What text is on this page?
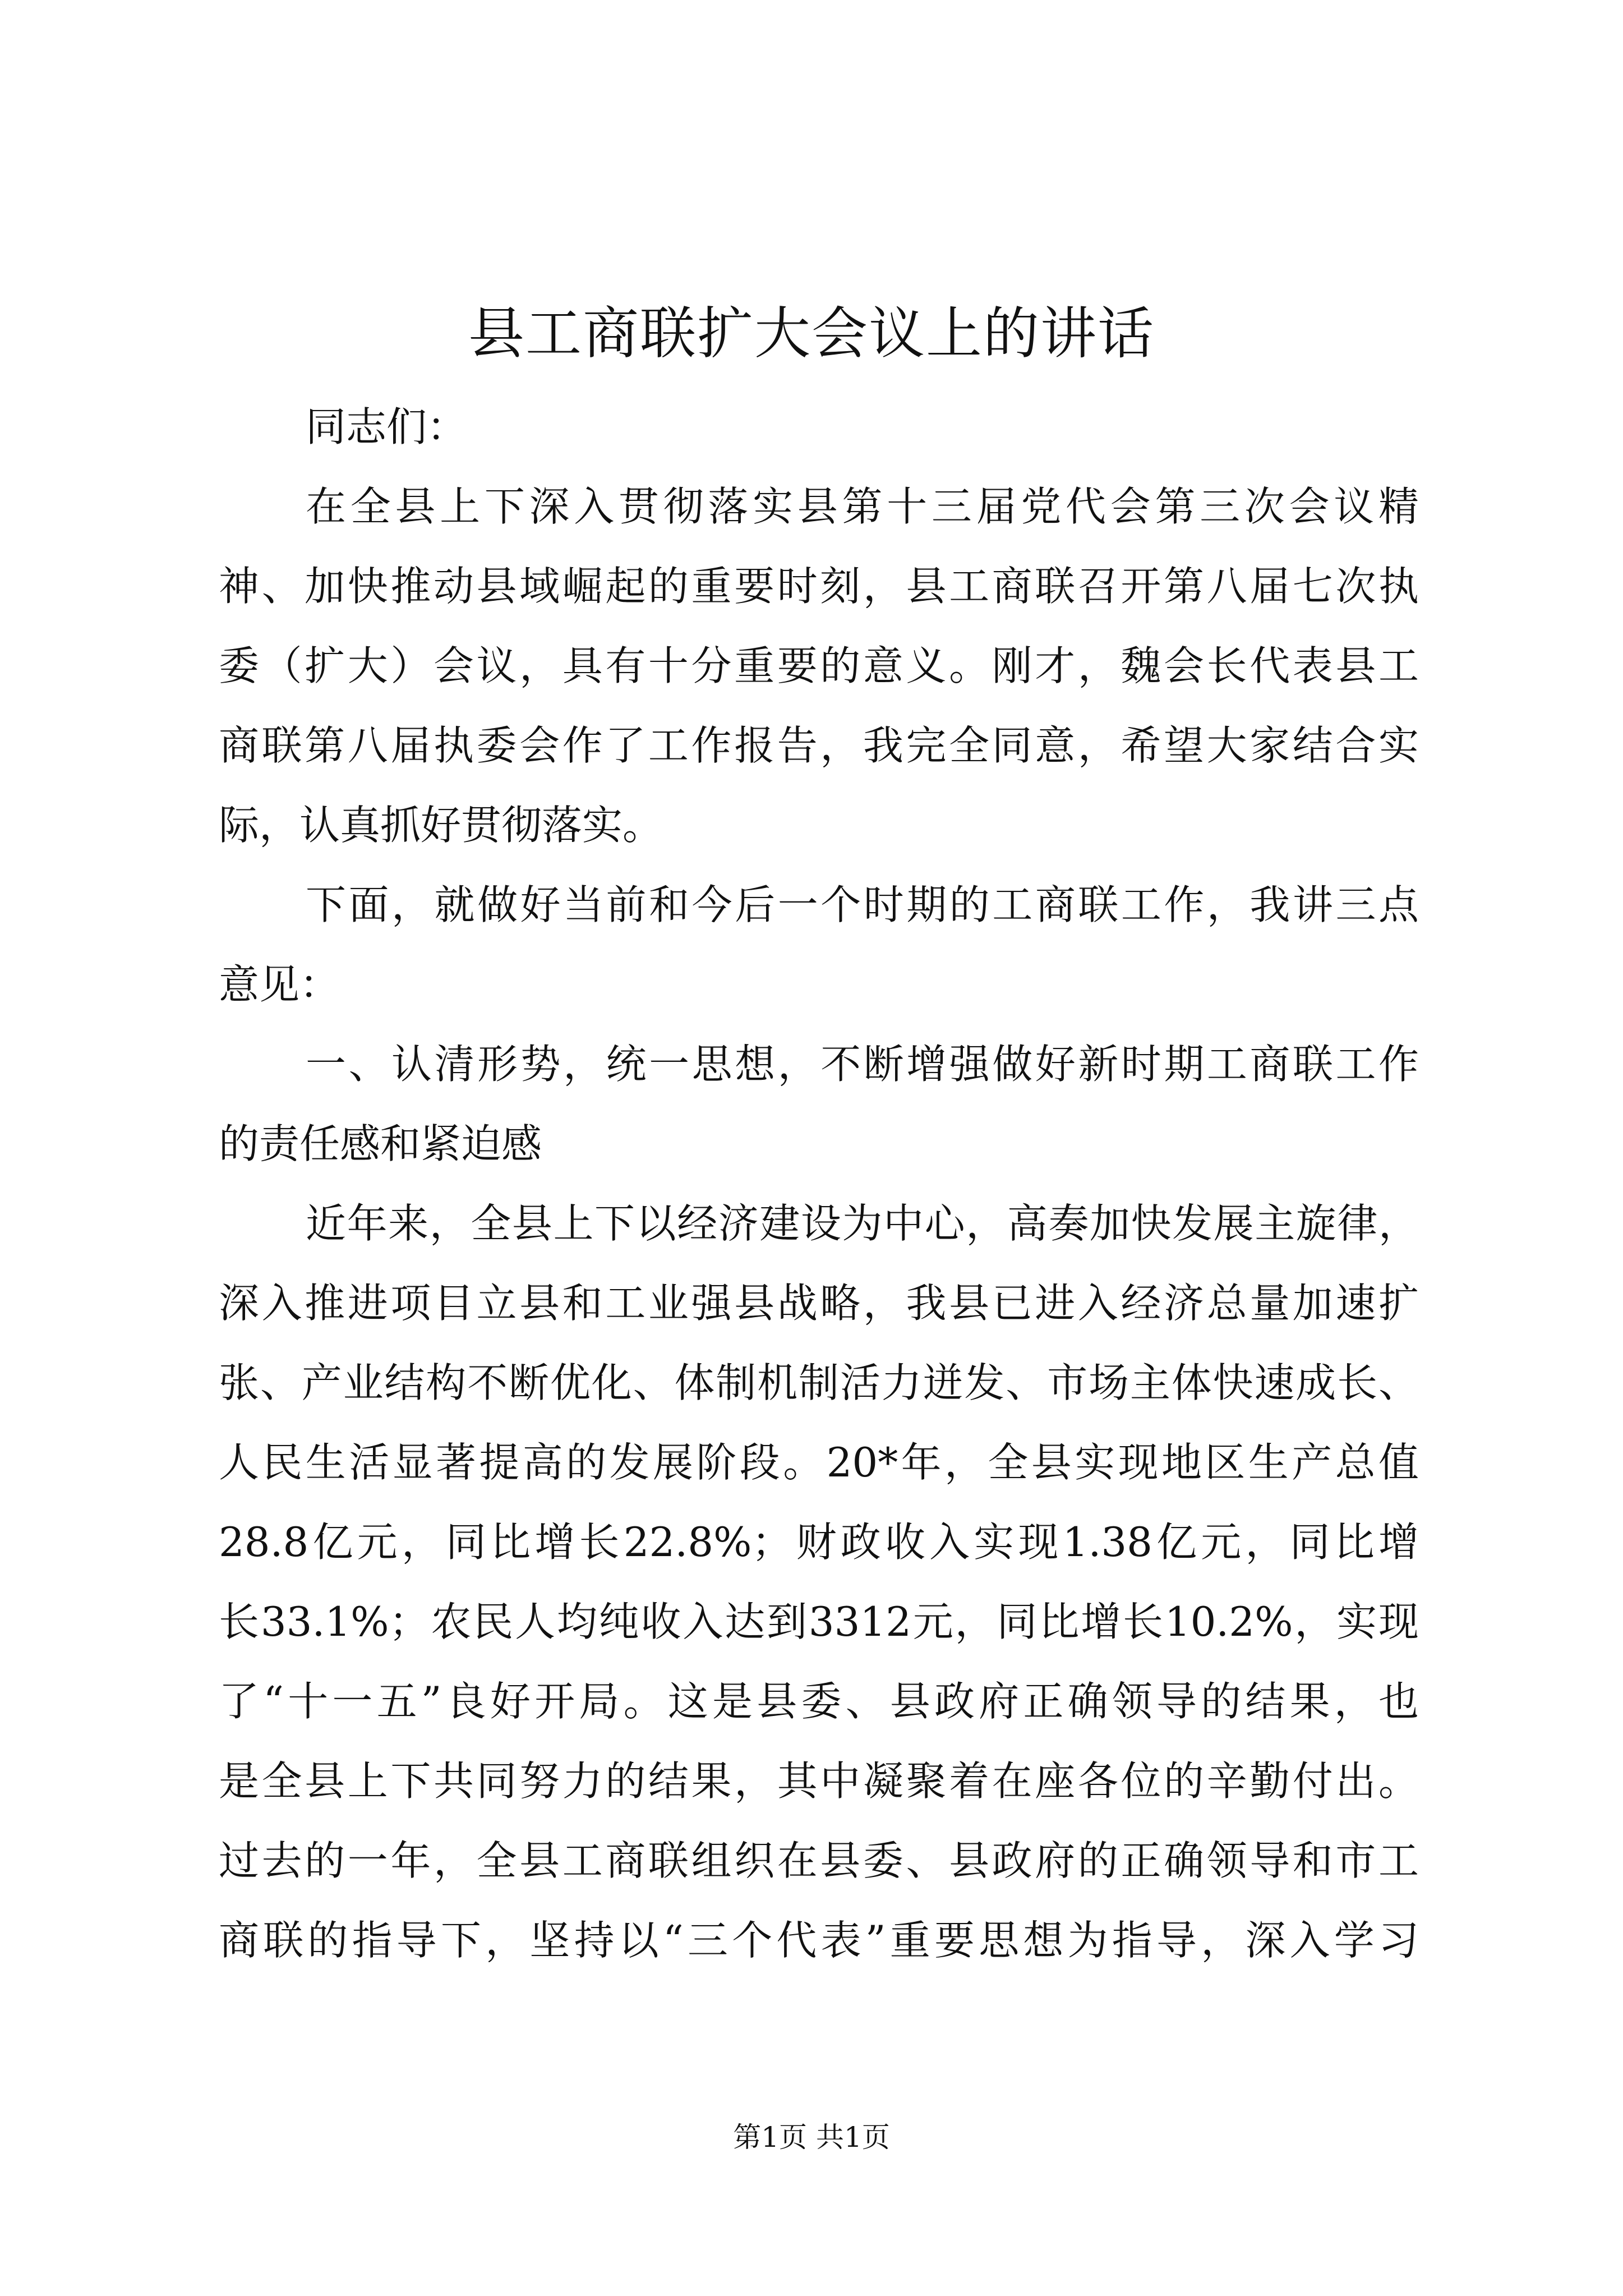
县工商联扩大会议上的讲话
同志们：
在全县上下深入贯彻落实县第十三届党代会第三次会议精
神、加快推动县域崛起的重要时刻，县工商联召开第八届七次执
委（扩大）会议，具有十分重要的意义。刚才，魏会长代表县工
商联第八届执委会作了工作报告，我完全同意，希望大家结合实
际，认真抓好贯彻落实。
下面，就做好当前和今后一个时期的工商联工作，我讲三点
意见：
一、认清形势，统一思想，不断增强做好新时期工商联工作
的责任感和紧迫感
近年来，全县上下以经济建设为中心，高奏加快发展主旋律，
深入推进项目立县和工业强县战略，我县已进入经济总量加速扩
张、产业结构不断优化、体制机制活力迸发、市场主体快速成长、
人民生活显著提高的发展阶段。20*年，全县实现地区生产总值
28.8亿元，同比增长22.8%；财政收入实现1.38亿元，同比增
长33.1%；农民人均纯收入达到3312元，同比增长10.2%，实现
了“十一五”良好开局。这是县委、县政府正确领导的结果，也
是全县上下共同努力的结果，其中凝聚着在座各位的辛勤付出。
过去的一年，全县工商联组织在县委、县政府的正确领导和市工
商联的指导下，坚持以“三个代表”重要思想为指导，深入学习
第1页 共1页
